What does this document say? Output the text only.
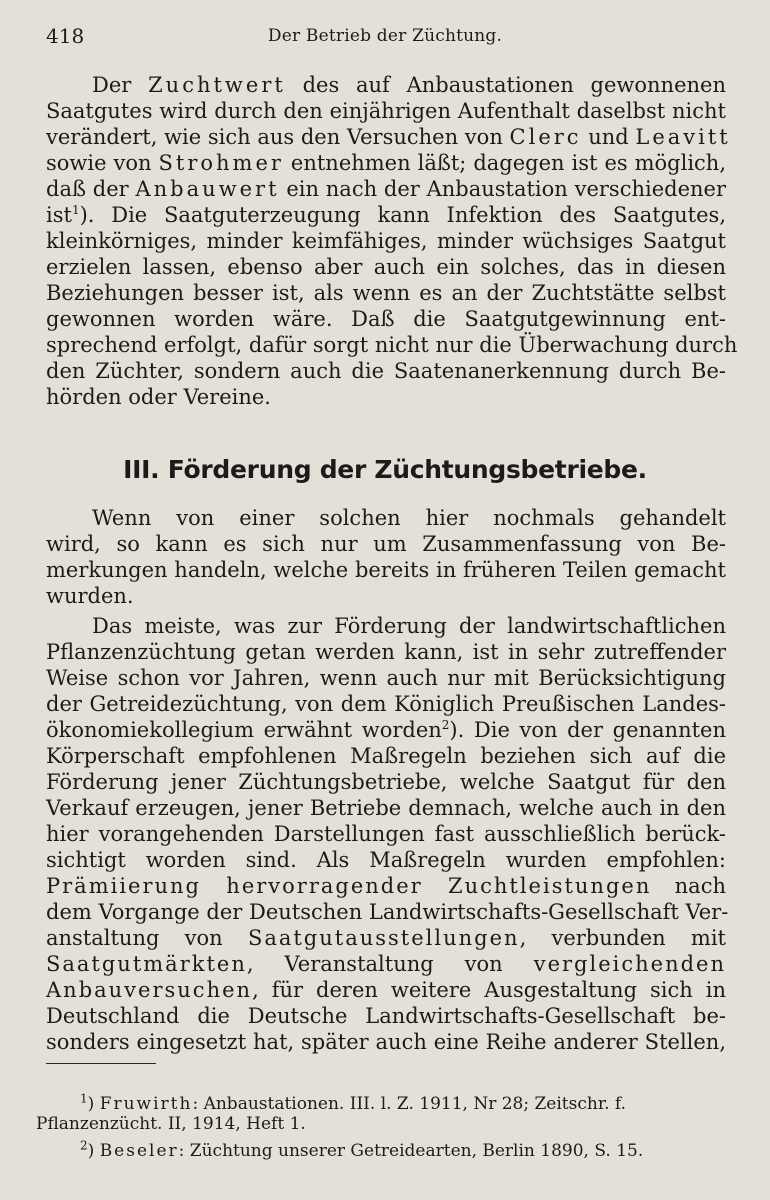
418	Der Betrieb der Züchtung.
Der Zuchtwert des auf Anbaustationen gewonnenen
Saatgutes wird durch den einjährigen Aufenthalt daselbst nicht
verändert, wie sich aus den Versuchen von Clerc und Leavitt
sowie von Strohmer entnehmen läßt; dagegen ist es möglich,
daß der Anbauwert ein nach der Anbaustation verschiedener
ist$^1$). Die Saatguterzeugung kann Infektion des Saatgutes,
kleinkörniges, minder keimfähiges, minder wüchsiges Saatgut
erzielen lassen, ebenso aber auch ein solches, das in diesen
Beziehungen besser ist, als wenn es an der Zuchtstätte selbst
gewonnen worden wäre. Daß die Saatgutgewinnung ent-
sprechend erfolgt, dafür sorgt nicht nur die Überwachung durch
den Züchter, sondern auch die Saatenanerkennung durch Be-
hörden oder Vereine.
III. Förderung der Züchtungsbetriebe.
Wenn von einer solchen hier nochmals gehandelt
wird, so kann es sich nur um Zusammenfassung von Be-
merkungen handeln, welche bereits in früheren Teilen gemacht
wurden.
Das meiste, was zur Förderung der landwirtschaftlichen
Pflanzenzüchtung getan werden kann, ist in sehr zutreffender
Weise schon vor Jahren, wenn auch nur mit Berücksichtigung
der Getreidezüchtung, von dem Königlich Preußischen Landes-
ökonomiekollegium erwähnt worden$^2$). Die von der genannten
Körperschaft empfohlenen Maßregeln beziehen sich auf die
Förderung jener Züchtungsbetriebe, welche Saatgut für den
Verkauf erzeugen, jener Betriebe demnach, welche auch in den
hier vorangehenden Darstellungen fast ausschließlich berück-
sichtigt worden sind. Als Maßregeln wurden empfohlen:
Prämiierung hervorragender Zuchtleistungen nach
dem Vorgange der Deutschen Landwirtschafts-Gesellschaft Ver-
anstaltung von Saatgutausstellungen, verbunden mit
Saatgutmärkten, Veranstaltung von vergleichenden
Anbauversuchen, für deren weitere Ausgestaltung sich in
Deutschland die Deutsche Landwirtschafts-Gesellschaft be-
sonders eingesetzt hat, später auch eine Reihe anderer Stellen,
$^1$) Fruwirth: Anbaustationen. III. l. Z. 1911, Nr 28; Zeitschr. f.
Pflanzenzücht. II, 1914, Heft 1.
$^2$) Beseler: Züchtung unserer Getreidearten, Berlin 1890, S. 15.
